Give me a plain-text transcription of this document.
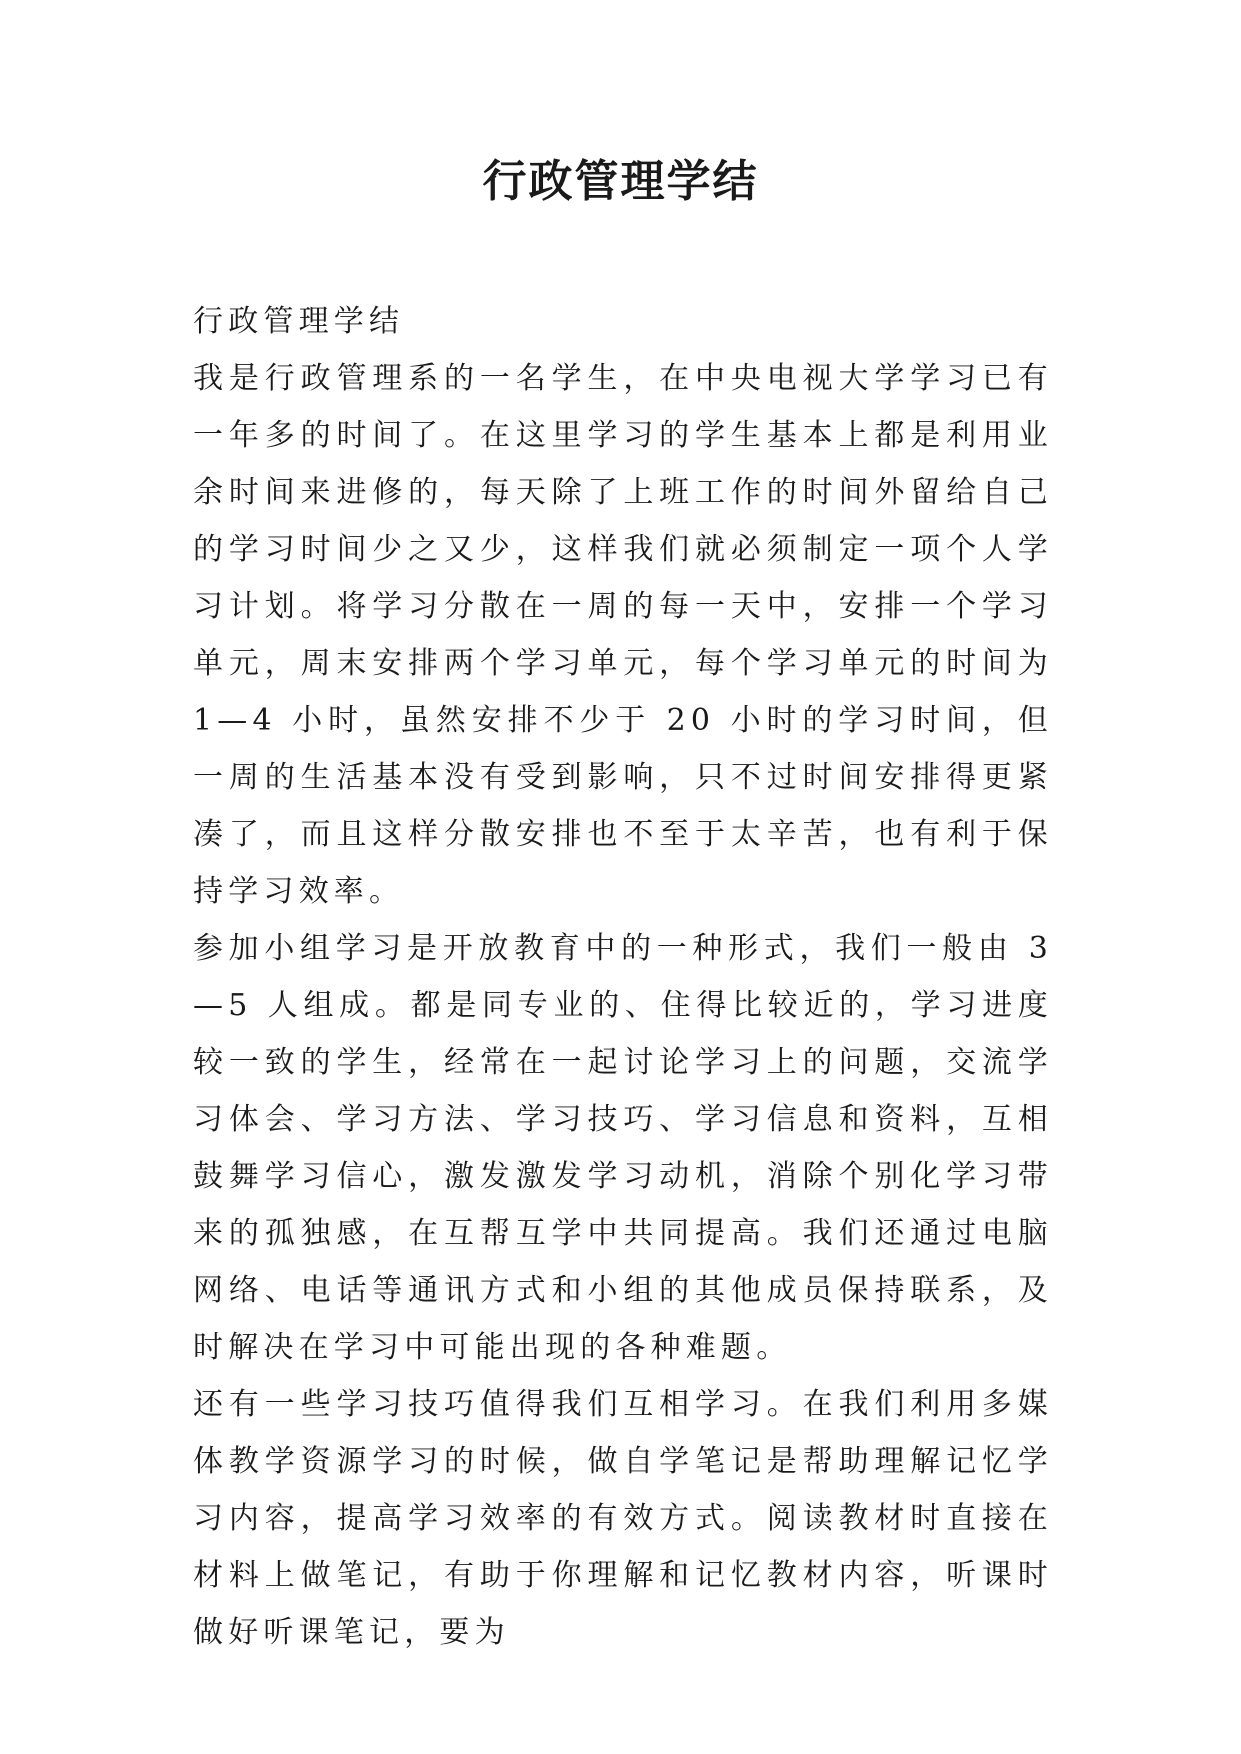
行政管理学结

行政管理学结

我是行政管理系的一名学生，在中央电视大学学习已有一年多的时间了。在这里学习的学生基本上都是利用业余时间来进修的，每天除了上班工作的时间外留给自己的学习时间少之又少，这样我们就必须制定一项个人学习计划。将学习分散在一周的每一天中，安排一个学习单元，周末安排两个学习单元，每个学习单元的时间为 1—4 小时，虽然安排不少于 20 小时的学习时间，但一周的生活基本没有受到影响，只不过时间安排得更紧凑了，而且这样分散安排也不至于太辛苦，也有利于保持学习效率。

参加小组学习是开放教育中的一种形式，我们一般由 3—5 人组成。都是同专业的、住得比较近的，学习进度较一致的学生，经常在一起讨论学习上的问题，交流学习体会、学习方法、学习技巧、学习信息和资料，互相鼓舞学习信心，激发激发学习动机，消除个别化学习带来的孤独感，在互帮互学中共同提高。我们还通过电脑网络、电话等通讯方式和小组的其他成员保持联系，及时解决在学习中可能出现的各种难题。

还有一些学习技巧值得我们互相学习。在我们利用多媒体教学资源学习的时候，做自学笔记是帮助理解记忆学习内容，提高学习效率的有效方式。阅读教材时直接在材料上做笔记，有助于你理解和记忆教材内容，听课时做好听课笔记，要为
